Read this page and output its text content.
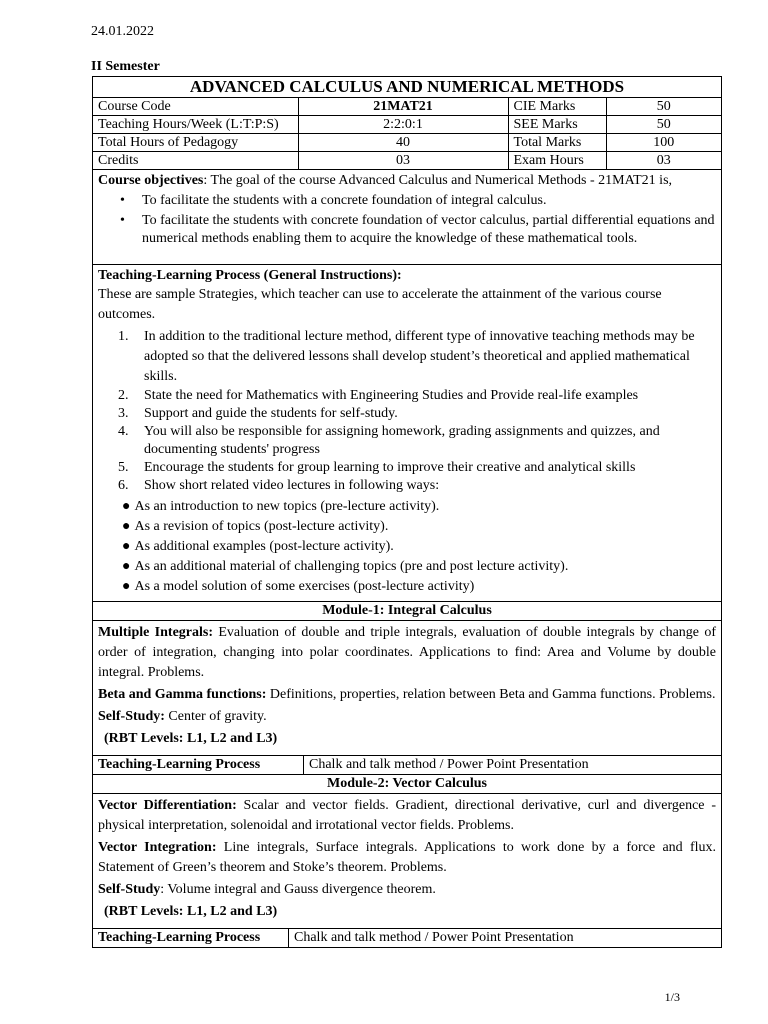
24.01.2022
II Semester
ADVANCED CALCULUS AND NUMERICAL METHODS

Course Code	21MAT21	CIE Marks	50
Teaching Hours/Week (L:T:P:S)	2:2:0:1	SEE Marks	50
Total Hours of Pedagogy	40	Total Marks	100
Credits	03	Exam Hours	03

Course objectives: The goal of the course Advanced Calculus and Numerical Methods - 21MAT21 is,

• To facilitate the students with a concrete foundation of integral calculus.
• To facilitate the students with concrete foundation of vector calculus, partial differential equations and numerical methods enabling them to acquire the knowledge of these mathematical tools.

Teaching-Learning Process (General Instructions):

These are sample Strategies, which teacher can use to accelerate the attainment of the various course outcomes.

1. In addition to the traditional lecture method, different type of innovative teaching methods may be adopted so that the delivered lessons shall develop student’s theoretical and applied mathematical skills.
2. State the need for Mathematics with Engineering Studies and Provide real-life examples
3. Support and guide the students for self-study.
4. You will also be responsible for assigning homework, grading assignments and quizzes, and documenting students' progress
5. Encourage the students for group learning to improve their creative and analytical skills
6. Show short related video lectures in following ways:
● As an introduction to new topics (pre-lecture activity).
● As a revision of topics (post-lecture activity).
● As additional examples (post-lecture activity).
● As an additional material of challenging topics (pre and post lecture activity).
● As a model solution of some exercises (post-lecture activity)

Module-1: Integral Calculus

Multiple Integrals: Evaluation of double and triple integrals, evaluation of double integrals by change of order of integration, changing into polar coordinates. Applications to find: Area and Volume by double integral. Problems.

Beta and Gamma functions: Definitions, properties, relation between Beta and Gamma functions. Problems.

Self-Study: Center of gravity.

(RBT Levels: L1, L2 and L3)

Teaching-Learning Process	Chalk and talk method / Power Point Presentation

Module-2: Vector Calculus

Vector Differentiation: Scalar and vector fields. Gradient, directional derivative, curl and divergence - physical interpretation, solenoidal and irrotational vector fields. Problems.

Vector Integration: Line integrals, Surface integrals. Applications to work done by a force and flux. Statement of Green’s theorem and Stoke’s theorem. Problems.

Self-Study: Volume integral and Gauss divergence theorem.

(RBT Levels: L1, L2 and L3)

Teaching-Learning Process	Chalk and talk method / Power Point Presentation
1/3
